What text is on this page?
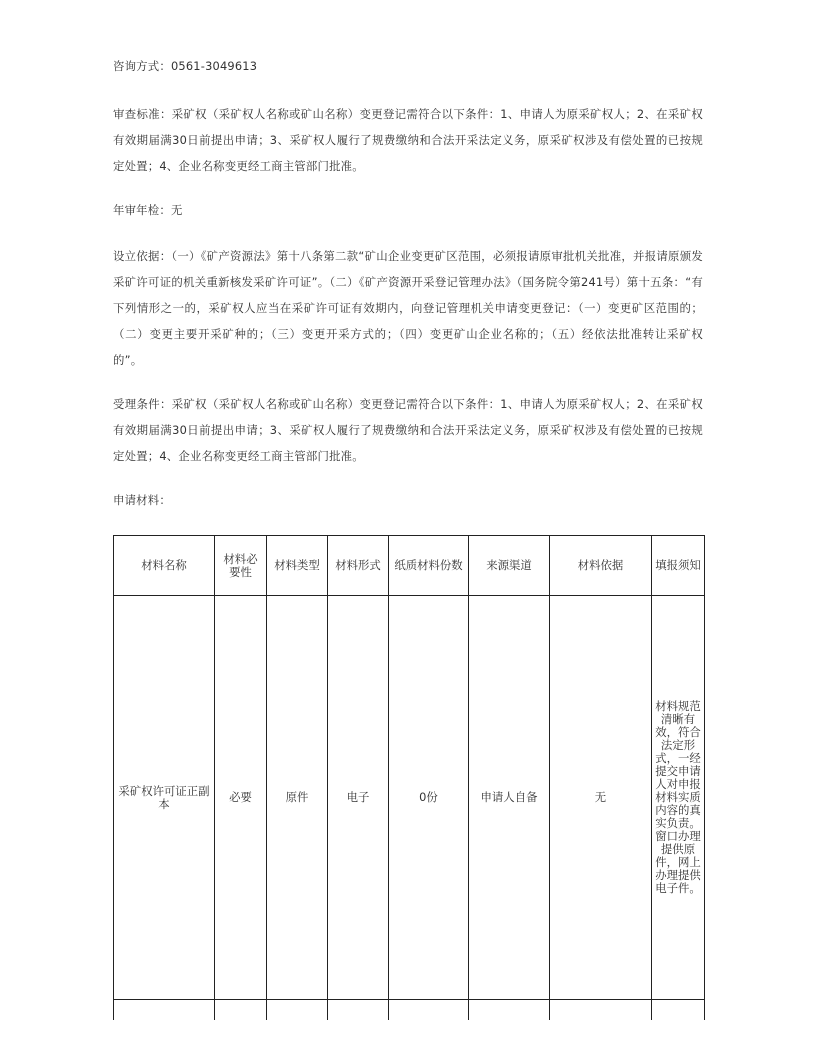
咨询方式：0561-3049613

审查标准：采矿权（采矿权人名称或矿山名称）变更登记需符合以下条件：1、申请人为原采矿权人；2、在采矿权有效期届满30日前提出申请；3、采矿权人履行了规费缴纳和合法开采法定义务，原采矿权涉及有偿处置的已按规定处置；4、企业名称变更经工商主管部门批准。

年审年检：无

设立依据：（一）《矿产资源法》第十八条第二款“矿山企业变更矿区范围，必须报请原审批机关批准，并报请原颁发采矿许可证的机关重新核发采矿许可证”。（二）《矿产资源开采登记管理办法》（国务院令第241号）第十五条：“有下列情形之一的，采矿权人应当在采矿许可证有效期内，向登记管理机关申请变更登记：（一）变更矿区范围的；（二）变更主要开采矿种的；（三）变更开采方式的；（四）变更矿山企业名称的；（五）经依法批准转让采矿权的”。

受理条件：采矿权（采矿权人名称或矿山名称）变更登记需符合以下条件：1、申请人为原采矿权人；2、在采矿权有效期届满30日前提出申请；3、采矿权人履行了规费缴纳和合法开采法定义务，原采矿权涉及有偿处置的已按规定处置；4、企业名称变更经工商主管部门批准。

申请材料：

材料名称	材料必要性	材料类型	材料形式	纸质材料份数	来源渠道	材料依据	填报须知
采矿权许可证正副本	必要	原件	电子	0份	申请人自备	无	材料规范清晰有效，符合法定形式，一经提交申请人对申报材料实质内容的真实负责。窗口办理提供原件，网上办理提供电子件。
